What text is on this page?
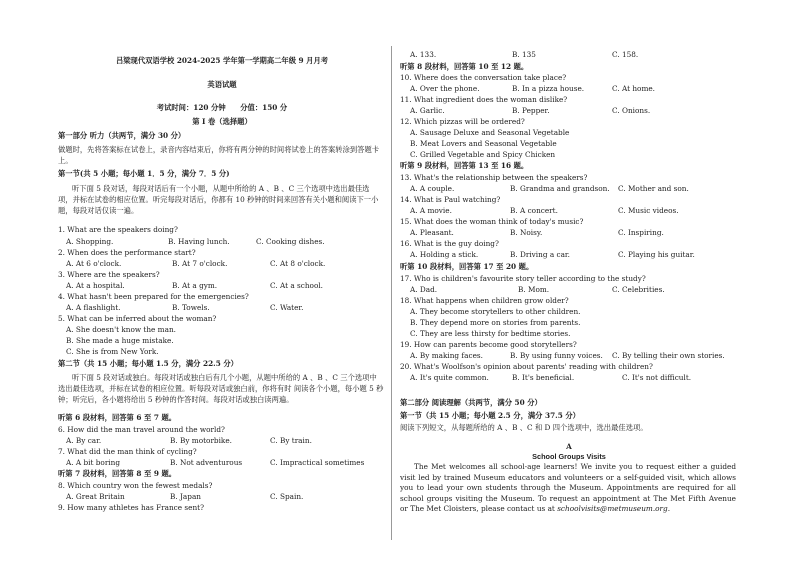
吕梁现代双语学校 2024-2025 学年第一学期高二年级 9 月月考
英语试题
考试时间：120 分钟　　分值：150 分
第 I 卷（选择题）
第一部分 听力（共两节，满分 30 分）
做题时，先将答案标在试卷上，录音内容结束后，你将有两分钟的时间将试卷上的答案转涂到答题卡上。
第一节(共 5 小题；每小题 1．5 分，满分 7．5 分)
听下面 5 段对话，每段对话后有一个小题，从题中所给的 A 、B 、C 三个选项中选出最佳选项，并标在试卷的相应位置。听完每段对话后，你都有 10 秒钟的时间来回答有关小题和阅读下一小题，每段对话仅读一遍。
1. What are the speakers doing?
A. Shopping.	B. Having lunch.	C. Cooking dishes.
2. When does the performance start?
A. At 6 o'clock.	B. At 7 o'clock.	C. At 8 o'clock.
3. Where are the speakers?
A. At a hospital.	B. At a gym.	C. At a school.
4. What hasn't been prepared for the emergencies?
A. A flashlight.	B. Towels.	C. Water.
5. What can be inferred about the woman?
A. She doesn't know the man.
B. She made a huge mistake.
C. She is from New York.
第二节（共 15 小题；每小题 1.5 分，满分 22.5 分）
听下面 5 段对话或独白。每段对话或独白后有几个小题，从题中所给的 A 、B 、C 三个选项中选出最佳选项，并标在试卷的相应位置。听每段对话或独白前，你将有时 间读各个小题，每小题 5 秒钟；听完后，各小题将给出 5 秒钟的作答时间。每段对话或独白读两遍。
听第 6 段材料，回答第 6 至 7 题。
6. How did the man travel around the world?
A. By car.	B. By motorbike.	C. By train.
7. What did the man think of cycling?
A. A bit boring	B. Not adventurous	C. Impractical sometimes
听第 7 段材料，回答第 8 至 9 题。
8. Which country won the fewest medals?
A. Great Britain	B. Japan	C. Spain.
9. How many athletes has France sent?
A. 133.	B. 135	C. 158.
听第 8 段材料，回答第 10 至 12 题。
10. Where does the conversation take place?
A. Over the phone.	B. In a pizza house.	C. At home.
11. What ingredient does the woman dislike?
A. Garlic.	B. Pepper.	C. Onions.
12. Which pizzas will be ordered?
A. Sausage Deluxe and Seasonal Vegetable
B. Meat Lovers and Seasonal Vegetable
C. Grilled Vegetable and Spicy Chicken
听第 9 段材料，回答第 13 至 16 题。
13. What's the relationship between the speakers?
A. A couple.	B. Grandma and grandson. C. Mother and son.
14. What is Paul watching?
A. A movie.	B. A concert.	C. Music videos.
15. What does the woman think of today's music?
A. Pleasant.	B. Noisy.	C. Inspiring.
16. What is the guy doing?
A. Holding a stick.	B. Driving a car.	C. Playing his guitar.
听第 10 段材料，回答第 17 至 20 题。
17. Who is children's favourite story teller according to the study?
A. Dad.	B. Mom.	C. Celebrities.
18. What happens when children grow older?
A. They become storytellers to other children.
B. They depend more on stories from parents.
C. They are less thirsty for bedtime stories.
19. How can parents become good storytellers?
A. By making faces.	B. By using funny voices. C. By telling their own stories.
20. What's Woolfson's opinion about parents' reading with children?
A. It's quite common.	B. It's beneficial.	C. It's not difficult.
第二部分 阅读理解（共两节，满分 50 分）
第一节（共 15 小题；每小题 2.5 分，满分 37.5 分）
阅读下列短文，从每题所给的 A 、B 、C 和 D 四个选项中，选出最佳选项。
A
School Groups Visits
The Met welcomes all school-age learners! We invite you to request either a guided visit led by trained Museum educators and volunteers or a self-guided visit, which allows you to lead your own students through the Museum. Appointments are required for all school groups visiting the Museum. To request an appointment at The Met Fifth Avenue or The Met Cloisters, please contact us at schoolvisits@metmuseum.org.
